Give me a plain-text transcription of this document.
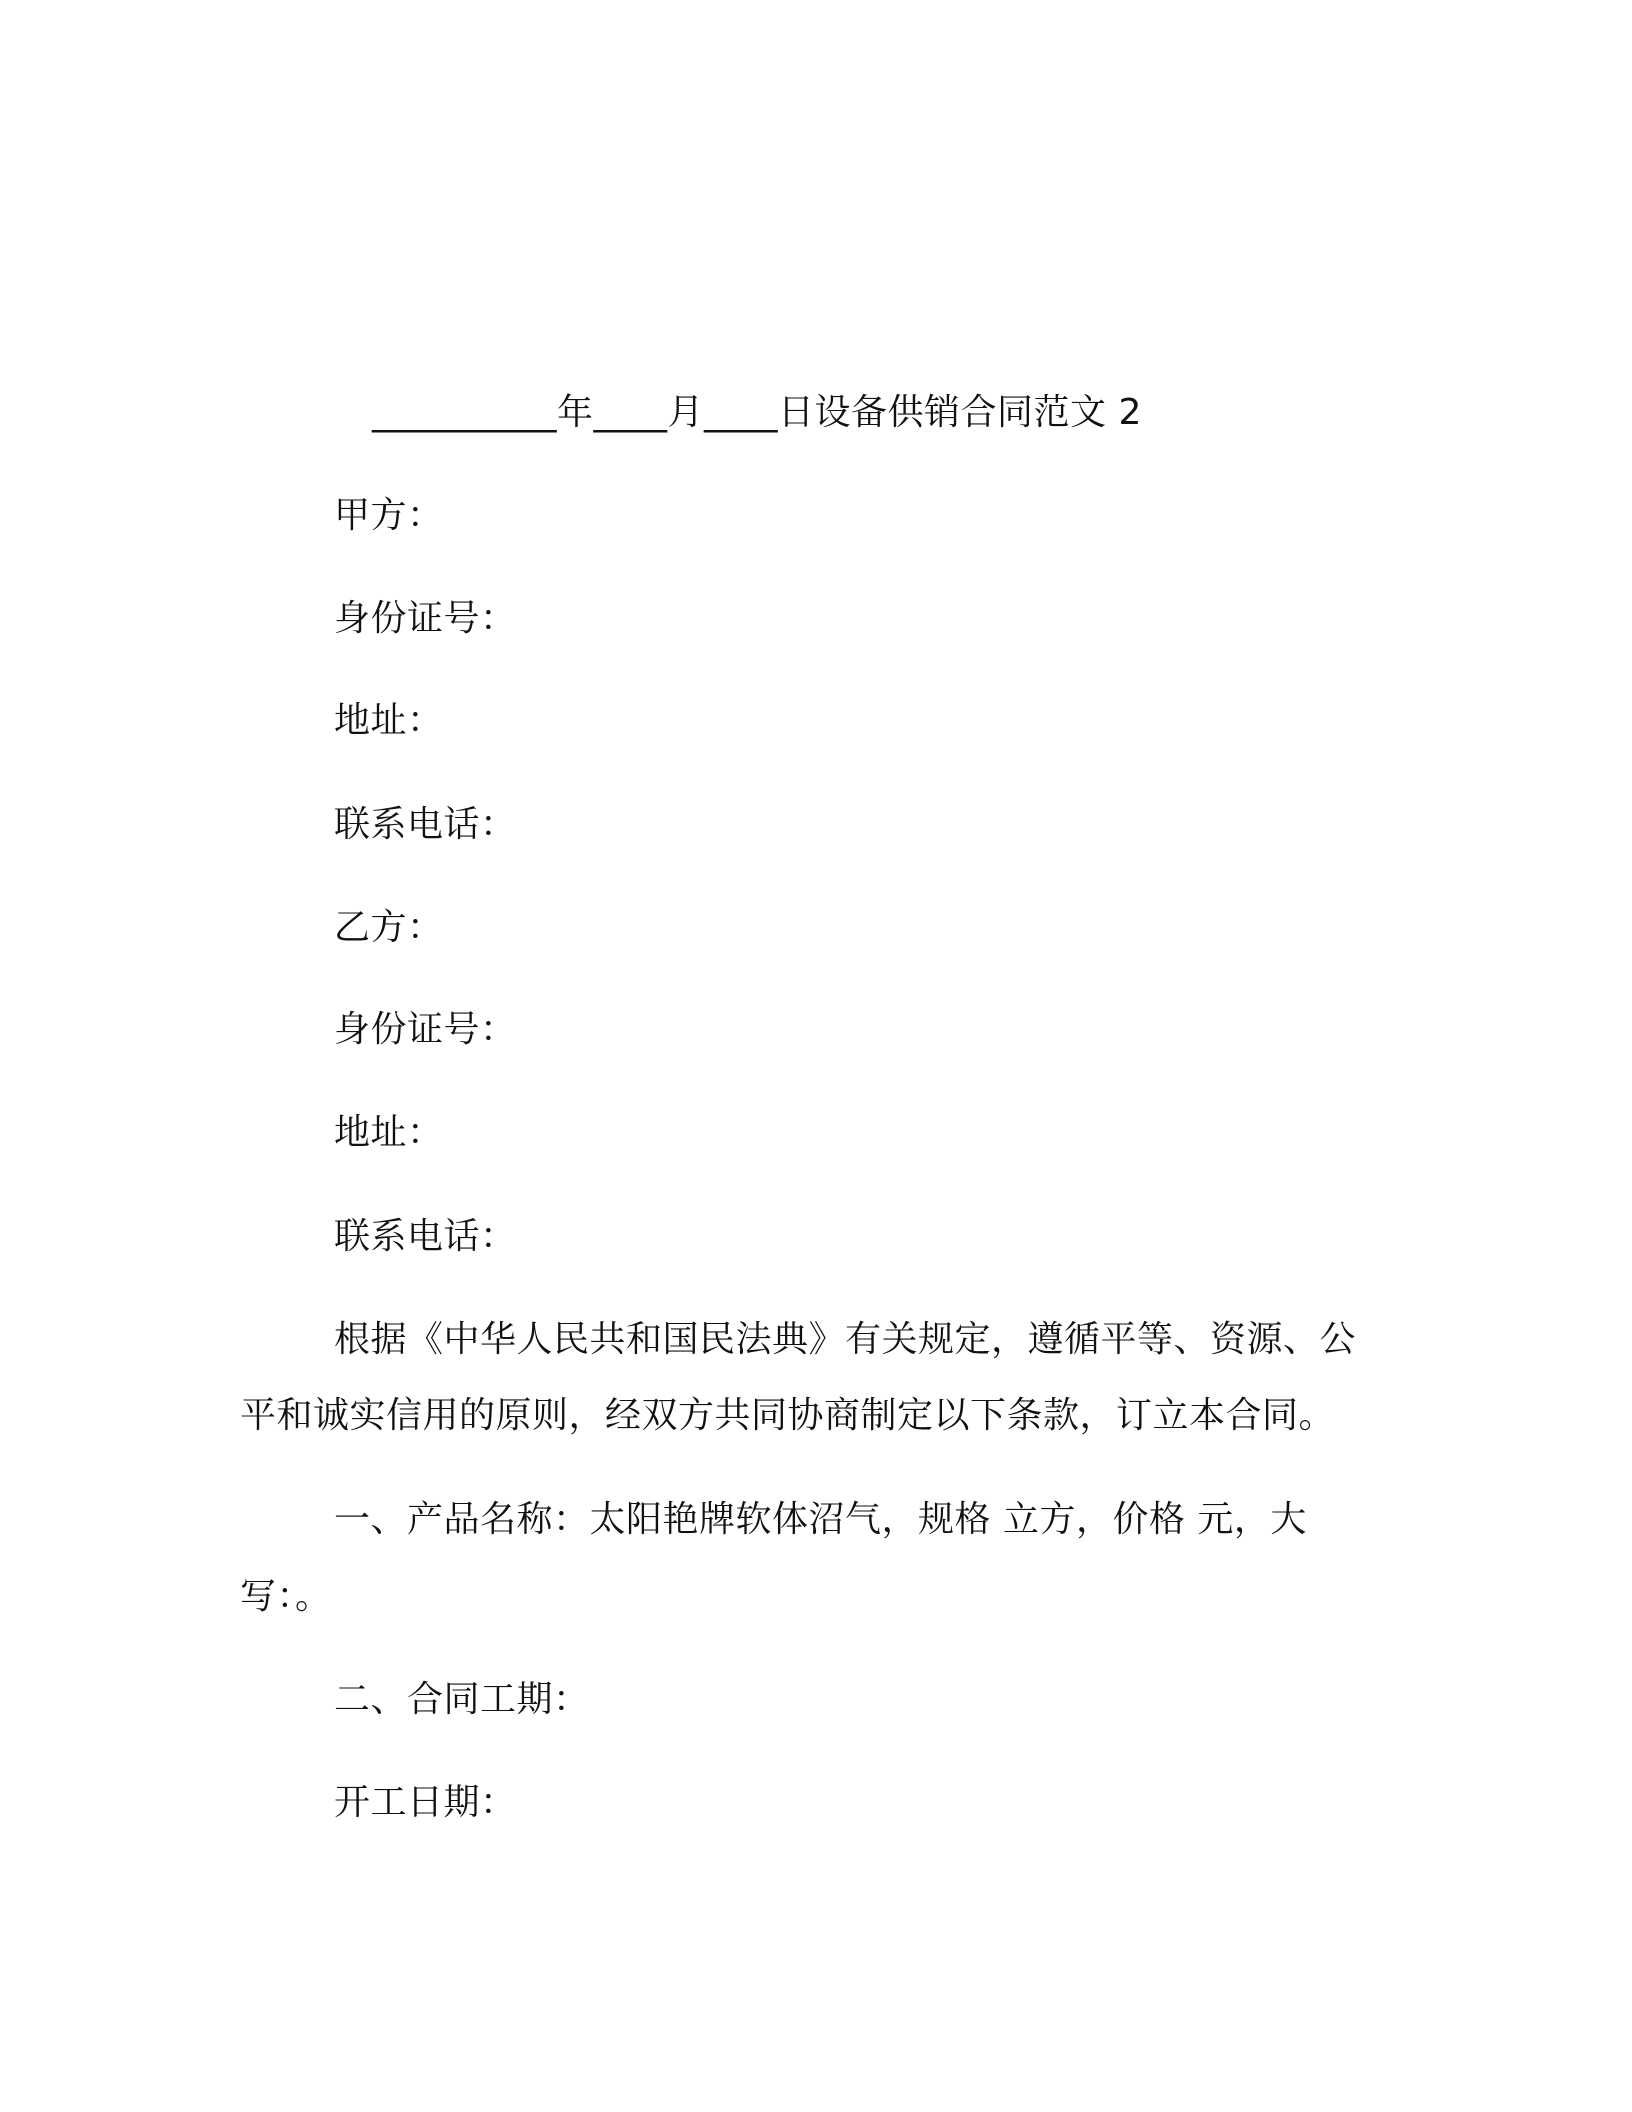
__________年____月____日设备供销合同范文 2
甲方：
身份证号：
地址：
联系电话：
乙方：
身份证号：
地址：
联系电话：
根据《中华人民共和国民法典》有关规定，遵循平等、资源、公
平和诚实信用的原则，经双方共同协商制定以下条款，订立本合同。
一、产品名称：太阳艳牌软体沼气，规格 立方，价格 元，大
写：。
二、合同工期：
开工日期：
